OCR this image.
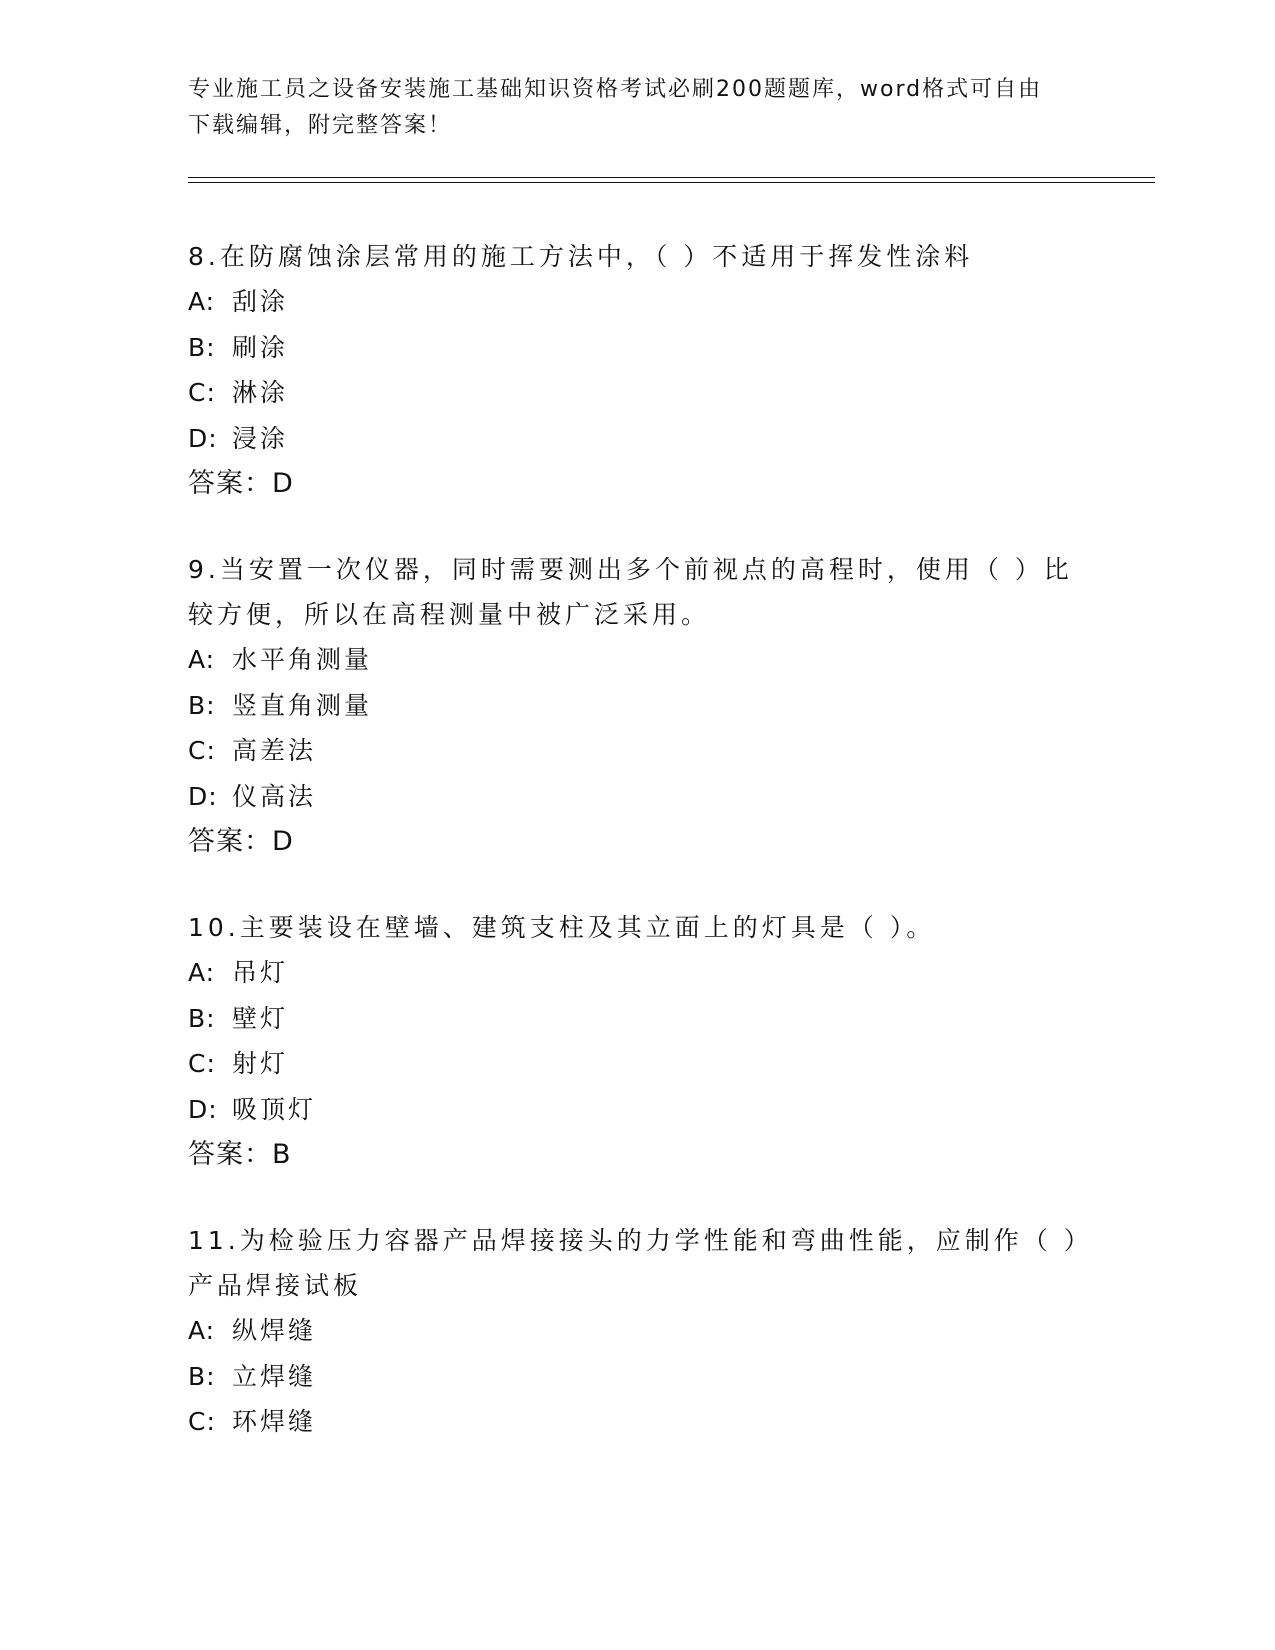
专业施工员之设备安装施工基础知识资格考试必刷200题题库，word格式可自由
下载编辑，附完整答案！
8.在防腐蚀涂层常用的施工方法中，（ ）不适用于挥发性涂料
A: 刮涂
B: 刷涂
C: 淋涂
D: 浸涂
答案：D
9.当安置一次仪器，同时需要测出多个前视点的高程时，使用（ ）比较方便，所以在高程测量中被广泛采用。
A: 水平角测量
B: 竖直角测量
C: 高差法
D: 仪高法
答案：D
10.主要装设在壁墙、建筑支柱及其立面上的灯具是（ ）。
A: 吊灯
B: 壁灯
C: 射灯
D: 吸顶灯
答案：B
11.为检验压力容器产品焊接接头的力学性能和弯曲性能，应制作（ ）产品焊接试板
A: 纵焊缝
B: 立焊缝
C: 环焊缝
